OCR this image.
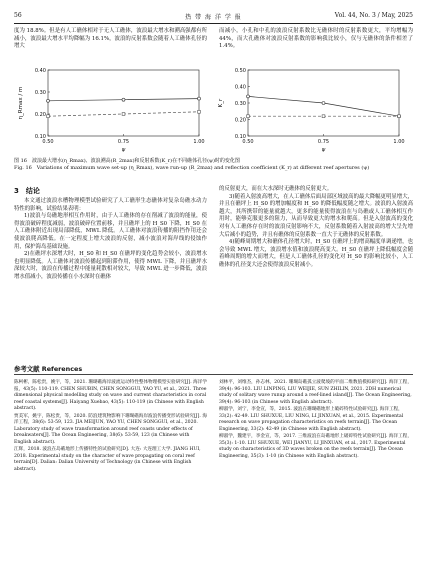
56	热 带 海 洋 学 报	Vol. 44, No. 3 / May, 2025

度为 18.8%。但是有人工礁体相对于无人工礁体，波浪最大增水和溯高强都有所减小，波浪最大增水平均降幅为 16.1%，波浪的反射系数会随着人工礁体孔径的增大

而减小，小孔和中孔的波浪反射系数比无礁体时的反射系数更大，平均增幅为 44%，而大孔礁体对波浪反射系数的影响我比较小，仅与无礁体的条件相差了 1.4%。

0.40
0.30
0.20
0.10
0.50	0.75	1.00
ψ
η_Rmax / m
0.50
0.40
0.30
0.20
0.10
0.50	0.75	1.00
ψ
K_r
图 16　波浪最大增水(η_Rmax)、波浪溯高(R_2max)和反射系数(K_r)在不同礁体孔径(ψ)时的变化图
Fig. 16　Variations of maximum wave set-up (η_Rmax), wave run-up (R_2max) and reflection coefficient (K_r) at different reef apertures (ψ)
3　结论

本文通过波浪水槽物理模型试验研究了人工礁形生态礁体对复杂岛礁水动力特性的影响，试验结果表明：

1)波浪与岛礁地形相互作用时，由于人工礁体的存在削减了波浪的能量，使得波浪破碎程度减弱，波浪破碎位置前移，并且礁坪上的 H_S0 下降，H_S0 在人工礁体附近出现局部降低，MWL 降低。人工礁体对波浪传播的阻挡作用还会使波浪爬高降低。在一定程度上增大波浪的反射，减小波浪对海岸线的侵蚀作用，保护海岛基础设施。

2)在礁坪水深增大时，H_S0 和 H_S0 在礁坪的变化趋势会较小，波浪增水也明显降低。人工礁体对波浪传播起到阻滞作用，使得 MWL 下降，并且礁坪水深较大时，波浪在传播过程中能量耗散相对较大，导致 MWL 进一步降低，波浪增水值减小，波浪传播在小水深时在礁体

的反射更大，而在大水深时无礁体的反射更大。

3)随着入射波高增大，在人工礁体后面局部区域波高的最大降幅更明显增大，并且在礁坪上 H_S0 的增加幅度和 H_S0 的降低幅度随之增大。波浪的入射波高越大，其所携带的能量就越大，更多的能量使得波浪在与岛礁或人工礁体相互作用时，能够克服更多的阻力，从而导致更大的增水和爬高。但是入射波高的变化对有人工礁体存在时的波浪反射影响不大，反射系数随着入射波高的增大呈先增大后减小的趋势，并且有礁体的反射系数一直大于无礁体的反射系数。

4)随峰周期增大和礁体孔径增大时，H_S0 在礁坪上的增高幅度单调递增，也会导致 MWL 增大，波浪增水值和波浪爬高变大。H_S0 在礁坪上降低幅度会随着峰周期的增大而增大，但是人工礁体孔径的变化对 H_S0 的影响比较小，人工礁体的孔径变大还会使得波浪反射减小。

参考文献 References
陈柯彬，陈松贵，姚宇，等，2021. 珊瑚礁海岸波流运动特性整体物理模型实验研究[J]. 海洋学报，43(5): 110-119. CHEN SHUBIN, CHEN SONGGUI, YAO YU, et al., 2021. Three dimensional physical modelling study on wave and current characteristics in coral reef coastal systems[J]. Haiyang Xuebao, 43(5): 110-119 (in Chinese with English abstract).
贾美军，姚宇，陈松贵，等，2020. 防浪建筑物影响下珊瑚礁海岸波浪传播变形试验研究[J]. 海洋工程，38(6): 53-59, 123. JIA MEIJUN, YAO YU, CHEN SONGGUI, et al., 2020. Laboratory study of wave transformation around reef coasts under effects of breakwaters[J]. The Ocean Engineering, 38(6): 53-59, 123 (in Chinese with English abstract).
江辉，2018. 波浪在岛礁地形上传播特性的试验研究[D]. 大连: 大连理工大学. JIANG HUI, 2018. Experimental study on the character of wave propagating on coral reef terrain[D]. Dalian: Dalian University of Technology (in Chinese with English abstract).
刘林平，刘维杰，孙志林，2021. 珊瑚岛礁孤立波爬坡的平面二维数值模拟研究[J]. 海洋工程，39(4): 96-103. LIU LINPING, LIU WEIJIE, SUN ZHILIN, 2021. 2DH numerical study of solitary wave runup around a reef-lined island[J]. The Ocean Engineering, 39(4): 96-103 (in Chinese with English abstract).
柳淑学，刘宁，李金宣，等，2015. 波浪在珊瑚礁地形上破碎特性试验研究[J]. 海洋工程，33(2): 42-49. LIU SHUXUE, LIU NING, LI JINXUAN, et al., 2015. Experimental research on wave propagation characteristics on reefs terrain[J]. The Ocean Engineering, 33(2): 42-49 (in Chinese with English abstract).
柳淑学，魏建宇，李金宣，等，2017. 三维波浪在岛礁地形上破碎特性试验研究[J]. 海洋工程，35(3): 1-10. LIU SHUXUE, WEI JIANYU, LI JINXUAN, et al., 2017. Experimental study on characteristics of 3D waves broken on the reefs terrain[J]. The Ocean Engineering, 35(3): 1-10 (in Chinese with English abstract).
